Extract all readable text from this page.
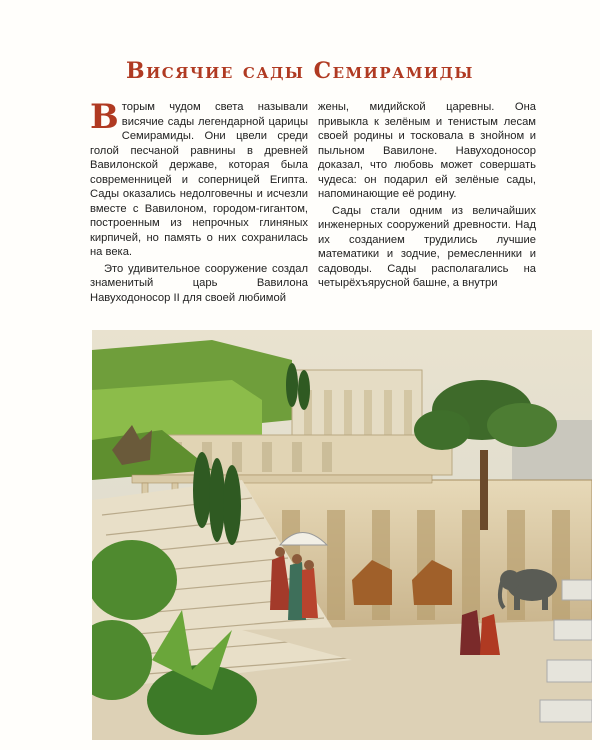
Висячие сады Семирамиды

Вторым чудом света называли висячие сады легендарной царицы Семирамиды. Они цвели среди голой песчаной равнины в древней Вавилонской державе, которая была современницей и соперницей Египта. Сады оказались недолговечны и исчезли вместе с Вавилоном, городом-гигантом, построенным из непрочных глиняных кирпичей, но память о них сохранилась на века.

Это удивительное сооружение создал знаменитый царь Вавилона Навуходоносор II для своей любимой

жены, мидийской царевны. Она привыкла к зелёным и тенистым лесам своей родины и тосковала в знойном и пыльном Вавилоне. Навуходоносор доказал, что любовь может совершать чудеса: он подарил ей зелёные сады, напоминающие её родину.

Сады стали одним из величайших инженерных сооружений древности. Над их созданием трудились лучшие математики и зодчие, ремесленники и садоводы. Сады располагались на четырёхъярусной башне, а внутри
